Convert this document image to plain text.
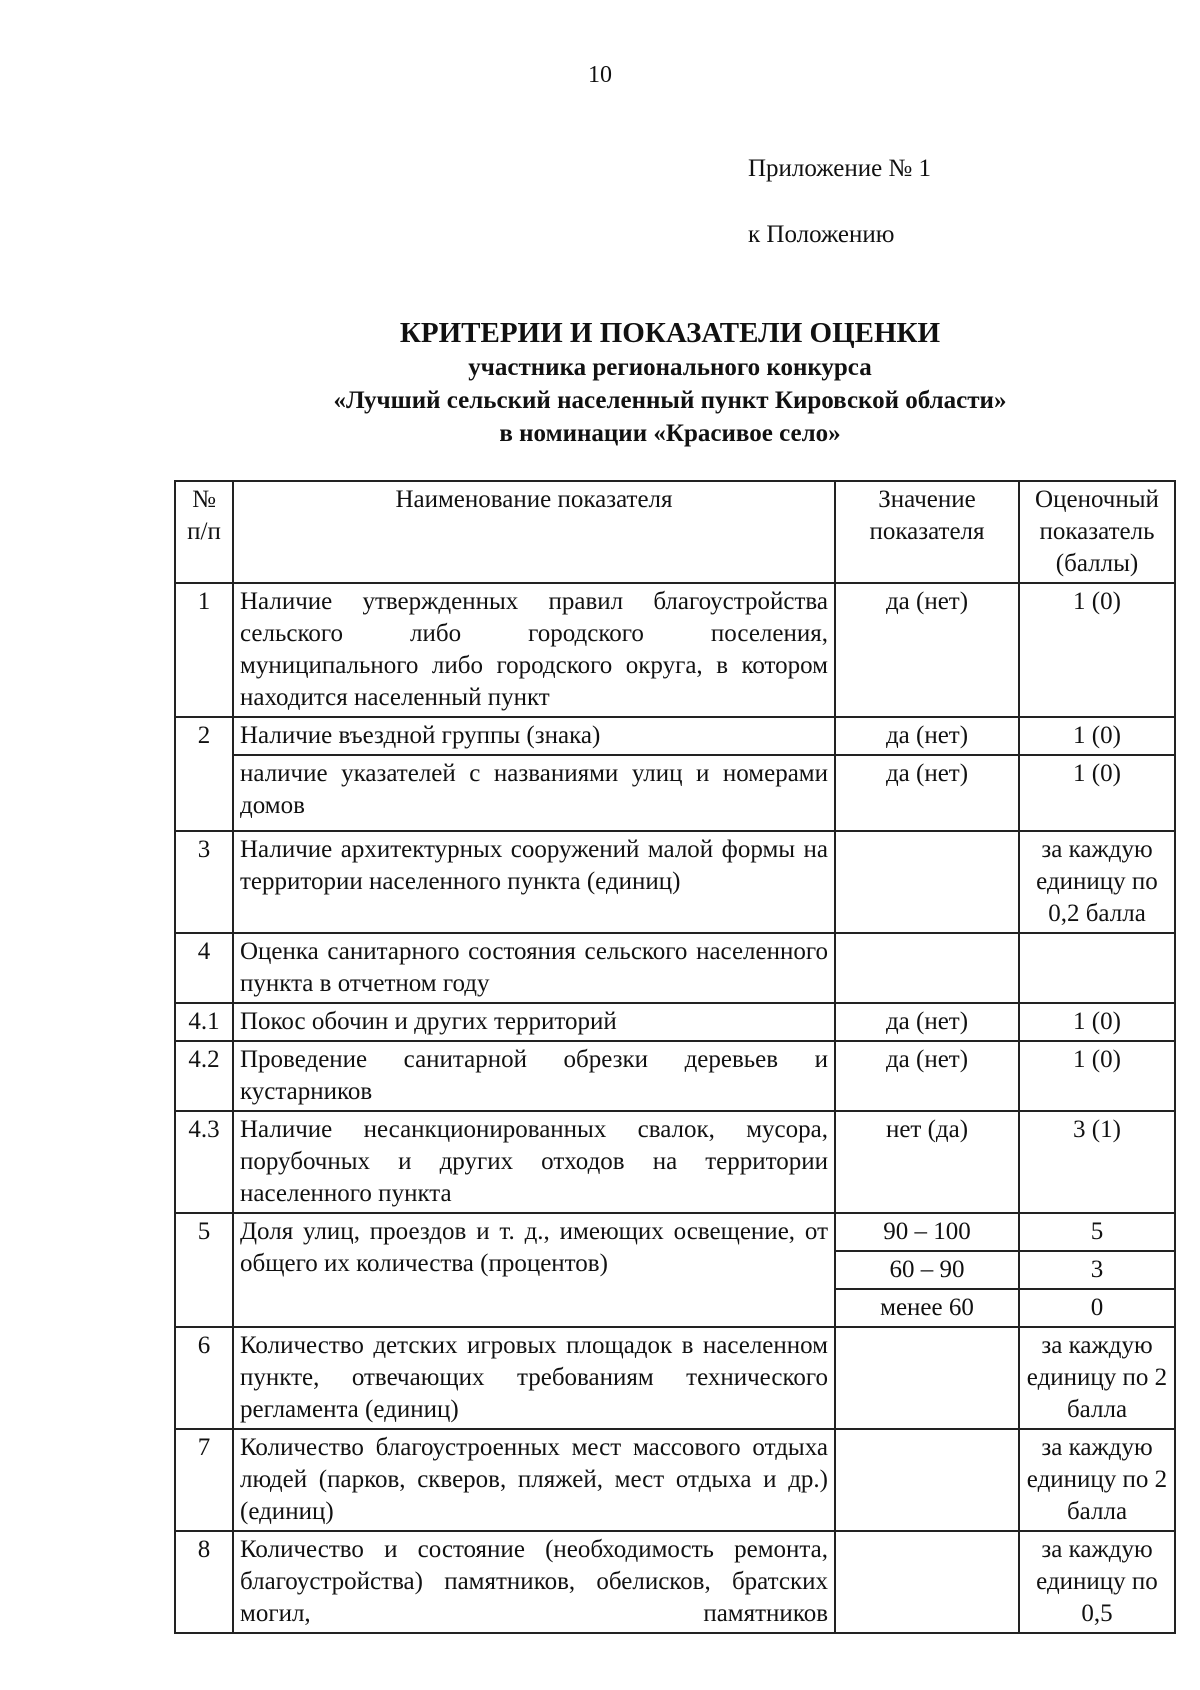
10
Приложение № 1
к Положению
КРИТЕРИИ И ПОКАЗАТЕЛИ ОЦЕНКИ
участника регионального конкурса
«Лучший сельский населенный пункт Кировской области»
в номинации «Красивое село»
№ п/п	Наименование показателя	Значение показателя	Оценочный показатель (баллы)
1	Наличие утвержденных правил благоустройства сельского либо городского поселения, муниципального либо городского округа, в котором находится населенный пункт	да (нет)	1 (0)
2	Наличие въездной группы (знака)	да (нет)	1 (0)
	наличие указателей с названиями улиц и номерами домов	да (нет)	1 (0)
3	Наличие архитектурных сооружений малой формы на территории населенного пункта (единиц)		за каждую единицу по 0,2 балла
4	Оценка санитарного состояния сельского населенного пункта в отчетном году		
4.1	Покос обочин и других территорий	да (нет)	1 (0)
4.2	Проведение санитарной обрезки деревьев и кустарников	да (нет)	1 (0)
4.3	Наличие несанкционированных свалок, мусора, порубочных и других отходов на территории населенного пункта	нет (да)	3 (1)
5	Доля улиц, проездов и т. д., имеющих освещение, от общего их количества (процентов)	90 – 100	5
		60 – 90	3
		менее 60	0
6	Количество детских игровых площадок в населенном пункте, отвечающих требованиям технического регламента (единиц)		за каждую единицу по 2 балла
7	Количество благоустроенных мест массового отдыха людей (парков, скверов, пляжей, мест отдыха и др.) (единиц)		за каждую единицу по 2 балла
8	Количество и состояние (необходимость ремонта, благоустройства) памятников, обелисков, братских могил, памятников		за каждую единицу по 0,5
